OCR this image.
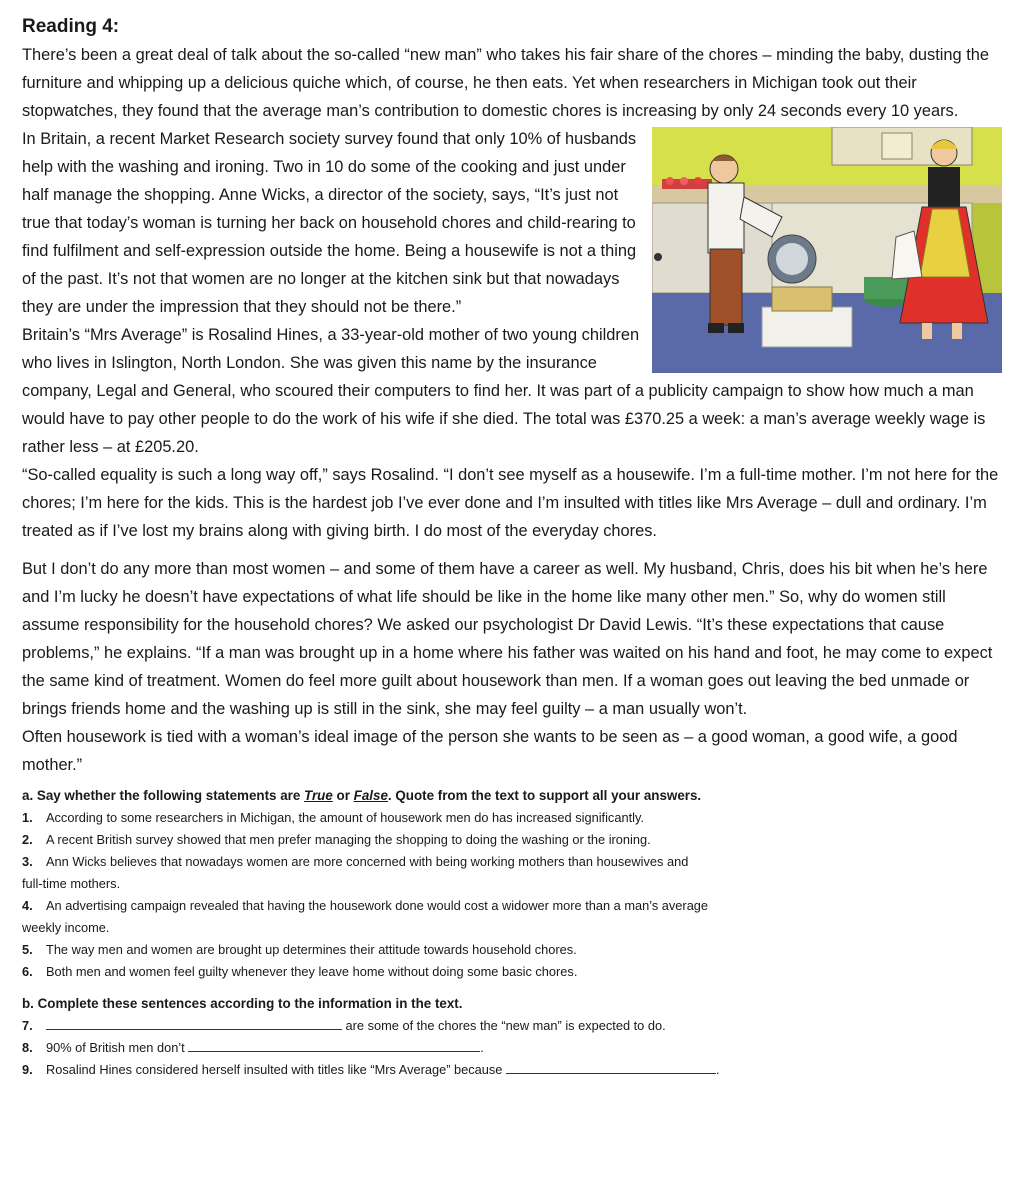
Reading 4:

There’s been a great deal of talk about the so-called “new man” who takes his fair share of the chores – minding the baby, dusting the furniture and whipping up a delicious quiche which, of course, he then eats. Yet when researchers in Michigan took out their stopwatches, they found that the average man’s contribution to domestic chores is increasing by only 24 seconds every 10 years.

In Britain, a recent Market Research society survey found that only 10% of husbands help with the washing and ironing. Two in 10 do some of the cooking and just under half manage the shopping. Anne Wicks, a director of the society, says, “It’s just not true that today’s woman is turning her back on household chores and child-rearing to find fulfilment and self-expression outside the home. Being a housewife is not a thing of the past. It’s not that women are no longer at the kitchen sink but that nowadays they are under the impression that they should not be there.”

Britain’s “Mrs Average” is Rosalind Hines, a 33-year-old mother of two young children who lives in Islington, North London. She was given this name by the insurance company, Legal and General, who scoured their computers to find her. It was part of a publicity campaign to show how much a man would have to pay other people to do the work of his wife if she died. The total was £370.25 a week: a man’s average weekly wage is rather less – at £205.20.

“So-called equality is such a long way off,” says Rosalind. “I don’t see myself as a housewife. I’m a full-time mother. I’m not here for the chores; I’m here for the kids. This is the hardest job I’ve ever done and I’m insulted with titles like Mrs Average – dull and ordinary. I’m treated as if I’ve lost my brains along with giving birth. I do most of the everyday chores.

But I don’t do any more than most women – and some of them have a career as well. My husband, Chris, does his bit when he’s here and I’m lucky he doesn’t have expectations of what life should be like in the home like many other men.” So, why do women still assume responsibility for the household chores? We asked our psychologist Dr David Lewis. “It’s these expectations that cause problems,” he explains. “If a man was brought up in a home where his father was waited on his hand and foot, he may come to expect the same kind of treatment. Women do feel more guilt about housework than men. If a woman goes out leaving the bed unmade or brings friends home and the washing up is still in the sink, she may feel guilty – a man usually won’t.

Often housework is tied with a woman’s ideal image of the person she wants to be seen as – a good woman, a good wife, a good mother.”

a. Say whether the following statements are True or False. Quote from the text to support all your answers.
1. According to some researchers in Michigan, the amount of housework men do has increased significantly.
2. A recent British survey showed that men prefer managing the shopping to doing the washing or the ironing.
3. Ann Wicks believes that nowadays women are more concerned with being working mothers than housewives and
full-time mothers.
4. An advertising campaign revealed that having the housework done would cost a widower more than a man’s average
weekly income.
5. The way men and women are brought up determines their attitude towards household chores.
6. Both men and women feel guilty whenever they leave home without doing some basic chores.
b. Complete these sentences according to the information in the text.
7.	are some of the chores the “new man” is expected to do.
8. 90% of British men don’t	.
9. Rosalind Hines considered herself insulted with titles like “Mrs Average” because	.
